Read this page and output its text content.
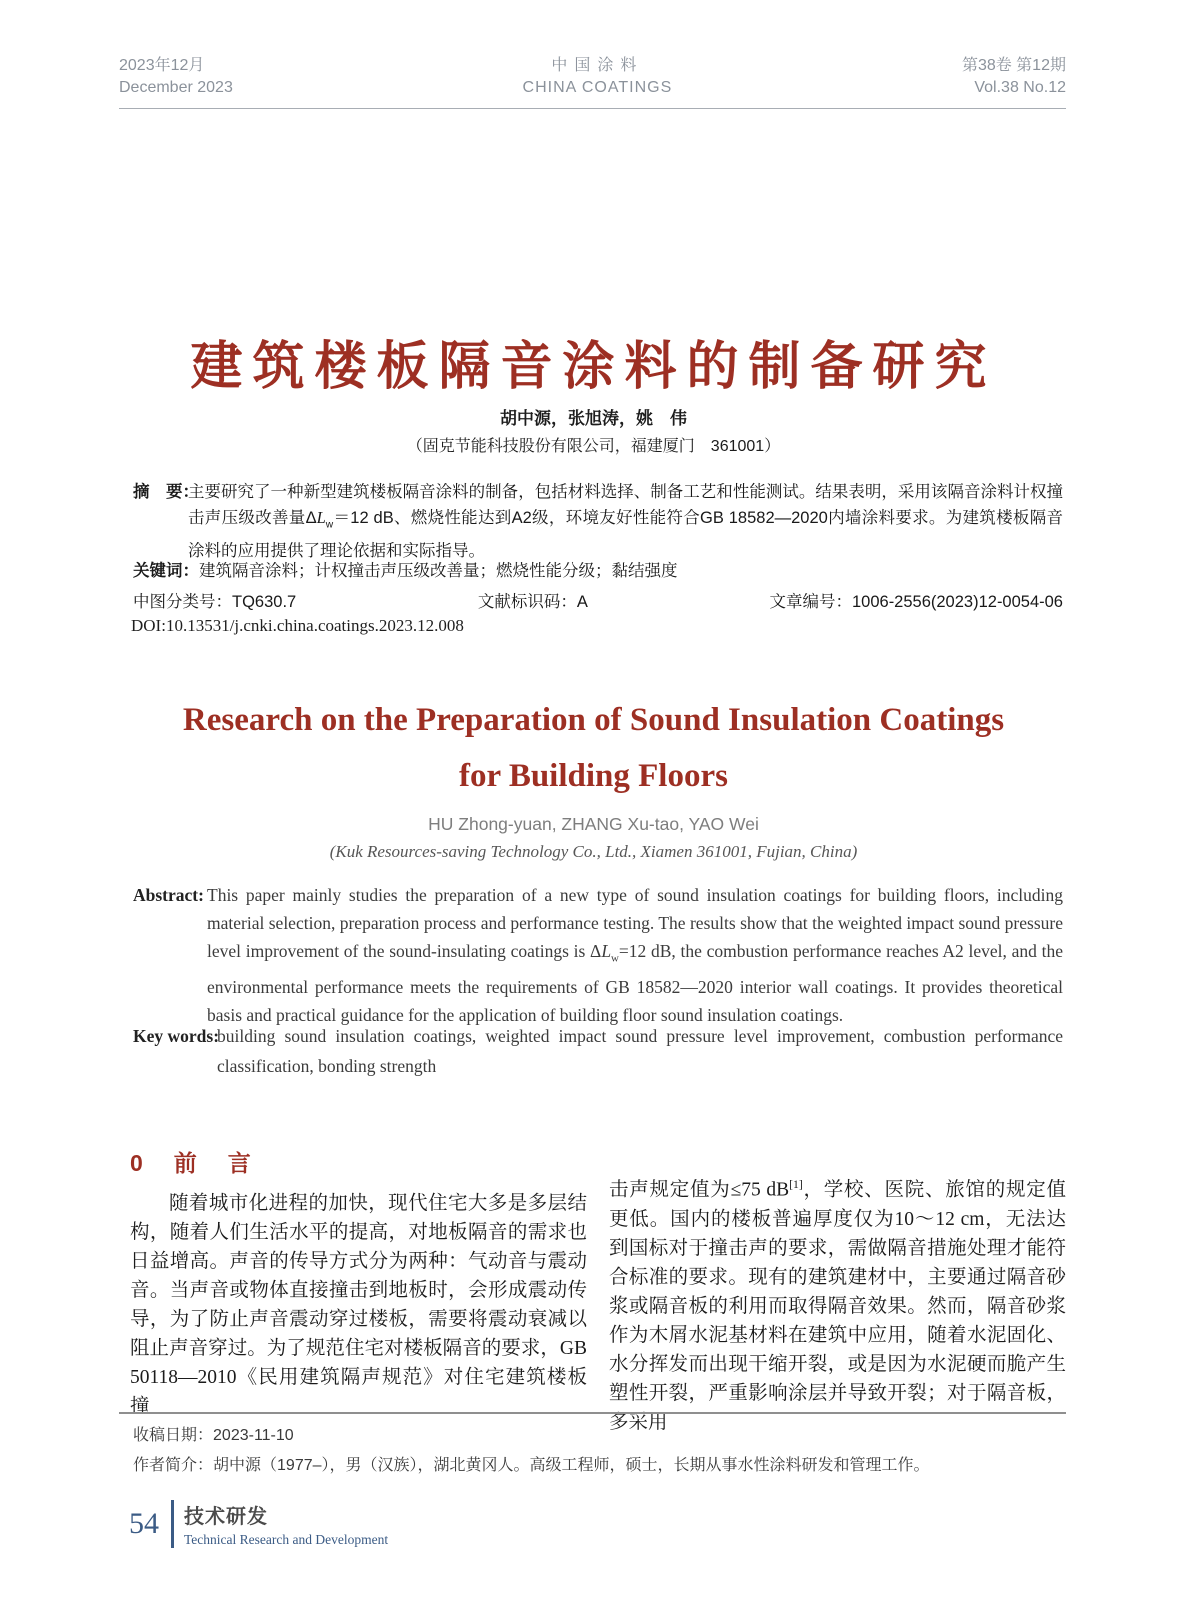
2023年12月
December 2023
中国涂料
CHINA COATINGS
第38卷 第12期
Vol.38 No.12
建筑楼板隔音涂料的制备研究
胡中源，张旭涛，姚　伟
（固克节能科技股份有限公司，福建厦门　361001）
摘　要：
主要研究了一种新型建筑楼板隔音涂料的制备，包括材料选择、制备工艺和性能测试。结果表明，采用该隔音涂料计权撞击声压级改善量$\Delta L_w=12$ dB、燃烧性能达到A2级，环境友好性能符合GB 18582—2020内墙涂料要求。为建筑楼板隔音涂料的应用提供了理论依据和实际指导。
关键词：建筑隔音涂料；计权撞击声压级改善量；燃烧性能分级；黏结强度
中图分类号：TQ630.7	文献标识码：A	文章编号：1006-2556(2023)12-0054-06
DOI:10.13531/j.cnki.china.coatings.2023.12.008
Research on the Preparation of Sound Insulation Coatings
for Building Floors
HU Zhong-yuan, ZHANG Xu-tao, YAO Wei
(Kuk Resources-saving Technology Co., Ltd., Xiamen 361001, Fujian, China)
Abstract: This paper mainly studies the preparation of a new type of sound insulation coatings for building floors, including material selection, preparation process and performance testing. The results show that the weighted impact sound pressure level improvement of the sound-insulating coatings is $\Delta L_w=12$ dB, the combustion performance reaches A2 level, and the environmental performance meets the requirements of GB 18582—2020 interior wall coatings. It provides theoretical basis and practical guidance for the application of building floor sound insulation coatings.
Key words:
building sound insulation coatings, weighted impact sound pressure level improvement, combustion performance classification, bonding strength
0　前　言

随着城市化进程的加快，现代住宅大多是多层结构，随着人们生活水平的提高，对地板隔音的需求也日益增高。声音的传导方式分为两种：气动音与震动音。当声音或物体直接撞击到地板时，会形成震动传导，为了防止声音震动穿过楼板，需要将震动衰减以阻止声音穿过。为了规范住宅对楼板隔音的要求，GB 50118—2010《民用建筑隔声规范》对住宅建筑楼板撞

击声规定值为≤75 dB[1]，学校、医院、旅馆的规定值更低。国内的楼板普遍厚度仅为10～12 cm，无法达到国标对于撞击声的要求，需做隔音措施处理才能符合标准的要求。现有的建筑建材中，主要通过隔音砂浆或隔音板的利用而取得隔音效果。然而，隔音砂浆作为木屑水泥基材料在建筑中应用，随着水泥固化、水分挥发而出现干缩开裂，或是因为水泥硬而脆产生塑性开裂，严重影响涂层并导致开裂；对于隔音板，多采用

收稿日期：2023-11-10
作者简介：胡中源（1977–），男（汉族），湖北黄冈人。高级工程师，硕士，长期从事水性涂料研发和管理工作。
54 技术研发
Technical Research and Development
